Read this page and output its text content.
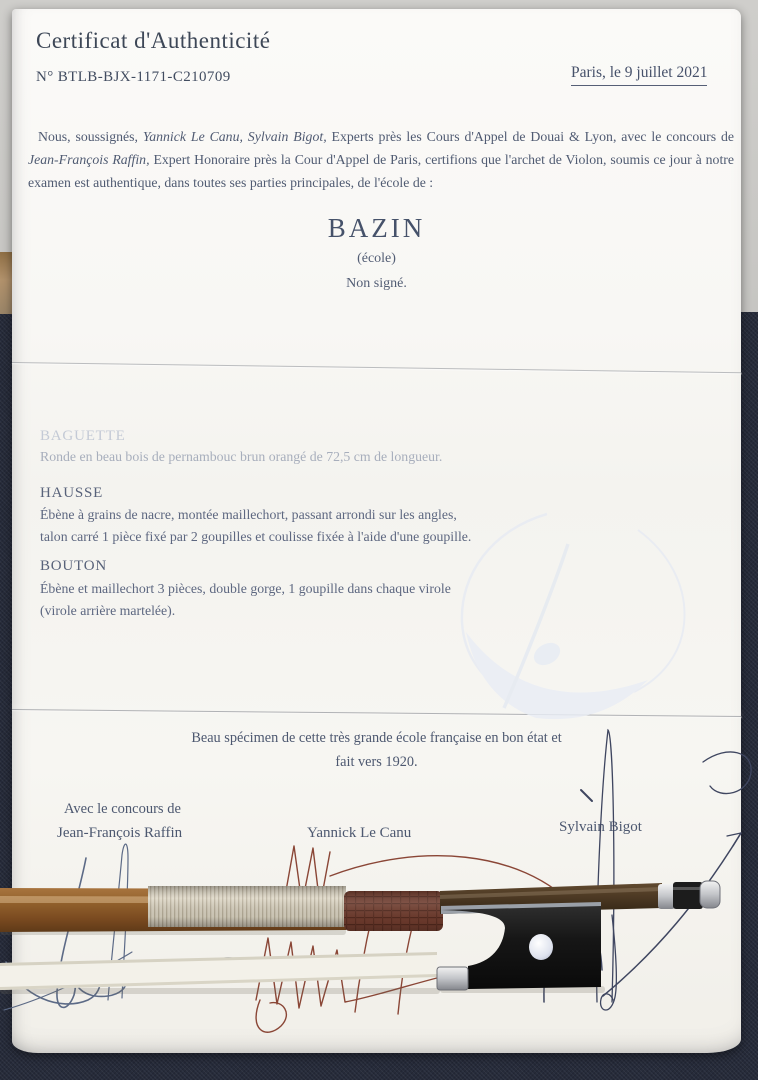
Certificat d'Authenticité
N° BTLB-BJX-1171-C210709	Paris, le 9 juillet 2021
Nous, soussignés, Yannick Le Canu, Sylvain Bigot, Experts près les Cours d'Appel de Douai & Lyon, avec le concours de Jean-François Raffin, Expert Honoraire près la Cour d'Appel de Paris, certifions que l'archet de Violon, soumis ce jour à notre examen est authentique, dans toutes ses parties principales, de l'école de :
BAZIN
(école)
Non signé.
BAGUETTE
Ronde en beau bois de pernambouc brun orangé de 72,5 cm de longueur.
HAUSSE
Ébène à grains de nacre, montée maillechort, passant arrondi sur les angles,
talon carré 1 pièce fixé par 2 goupilles et coulisse fixée à l'aide d'une goupille.
BOUTON
Ébène et maillechort 3 pièces, double gorge, 1 goupille dans chaque virole
(virole arrière martelée).
Beau spécimen de cette très grande école française en bon état et
fait vers 1920.
Avec le concours de
Jean-François Raffin	Yannick Le Canu	Sylvain Bigot
